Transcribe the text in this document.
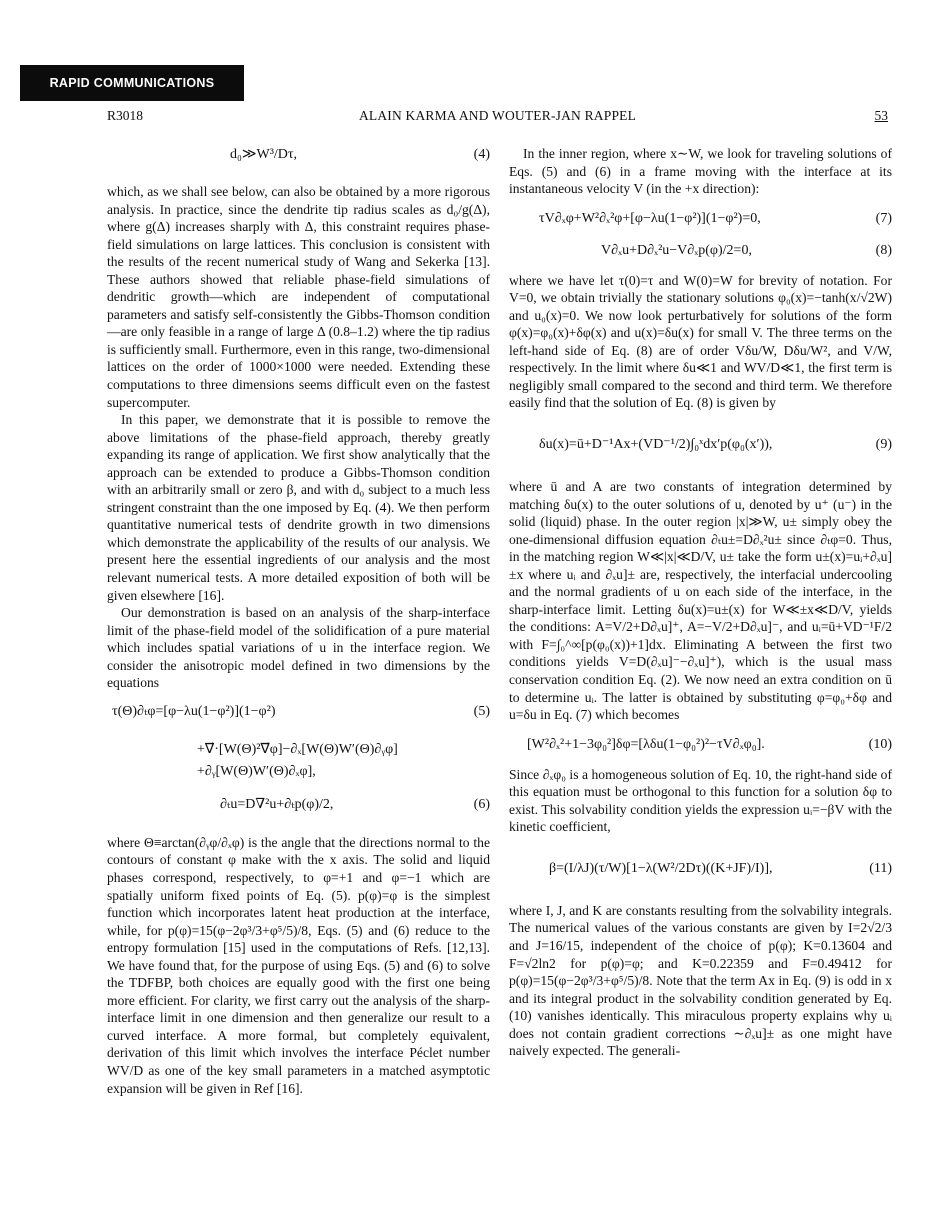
RAPID COMMUNICATIONS
R3018	ALAIN KARMA AND WOUTER-JAN RAPPEL	53
d₀≫W³/Dτ,	(4)

which, as we shall see below, can also be obtained by a more rigorous analysis. In practice, since the dendrite tip radius scales as d₀/g(Δ), where g(Δ) increases sharply with Δ, this constraint requires phase-field simulations on large lattices. This conclusion is consistent with the results of the recent numerical study of Wang and Sekerka [13]. These authors showed that reliable phase-field simulations of dendritic growth—which are independent of computational parameters and satisfy self-consistently the Gibbs-Thomson condition—are only feasible in a range of large Δ (0.8–1.2) where the tip radius is sufficiently small. Furthermore, even in this range, two-dimensional lattices on the order of 1000×1000 were needed. Extending these computations to three dimensions seems difficult even on the fastest supercomputer.

In this paper, we demonstrate that it is possible to remove the above limitations of the phase-field approach, thereby greatly expanding its range of application. We first show analytically that the approach can be extended to produce a Gibbs-Thomson condition with an arbitrarily small or zero β, and with d₀ subject to a much less stringent constraint than the one imposed by Eq. (4). We then perform quantitative numerical tests of dendrite growth in two dimensions which demonstrate the applicability of the results of our analysis. We present here the essential ingredients of our analysis and the most relevant numerical tests. A more detailed exposition of both will be given elsewhere [16].

Our demonstration is based on an analysis of the sharp-interface limit of the phase-field model of the solidification of a pure material which includes spatial variations of u in the interface region. We consider the anisotropic model defined in two dimensions by the equations

τ(Θ)∂ₜφ=[φ−λu(1−φ²)](1−φ²)	(5)
+∇⃗·[W(Θ)²∇⃗φ]−∂ₓ[W(Θ)W′(Θ)∂ᵧφ]
+∂ᵧ[W(Θ)W′(Θ)∂ₓφ],
∂ₜu=D∇²u+∂ₜp(φ)/2,	(6)

where Θ≡arctan(∂ᵧφ/∂ₓφ) is the angle that the directions normal to the contours of constant φ make with the x axis. The solid and liquid phases correspond, respectively, to φ=+1 and φ=−1 which are spatially uniform fixed points of Eq. (5). p(φ)=φ is the simplest function which incorporates latent heat production at the interface, while, for p(φ)=15(φ−2φ³/3+φ⁵/5)/8, Eqs. (5) and (6) reduce to the entropy formulation [15] used in the computations of Refs. [12,13]. We have found that, for the purpose of using Eqs. (5) and (6) to solve the TDFBP, both choices are equally good with the first one being more efficient. For clarity, we first carry out the analysis of the sharp-interface limit in one dimension and then generalize our result to a curved interface. A more formal, but completely equivalent, derivation of this limit which involves the interface Péclet number WV/D as one of the key small parameters in a matched asymptotic expansion will be given in Ref [16].

In the inner region, where x∼W, we look for traveling solutions of Eqs. (5) and (6) in a frame moving with the interface at its instantaneous velocity V (in the +x direction):

τV∂ₓφ+W²∂ₓ²φ+[φ−λu(1−φ²)](1−φ²)=0,	(7)
V∂ₓu+D∂ₓ²u−V∂ₓp(φ)/2=0,	(8)

where we have let τ(0)=τ and W(0)=W for brevity of notation. For V=0, we obtain trivially the stationary solutions φ₀(x)=−tanh(x/√2W) and u₀(x)=0. We now look perturbatively for solutions of the form φ(x)=φ₀(x)+δφ(x) and u(x)=δu(x) for small V. The three terms on the left-hand side of Eq. (8) are of order Vδu/W, Dδu/W², and V/W, respectively. In the limit where δu≪1 and WV/D≪1, the first term is negligibly small compared to the second and third term. We therefore easily find that the solution of Eq. (8) is given by

δu(x)=ū+D⁻¹Ax+(VD⁻¹/2)∫₀ˣdx′p(φ₀(x′)),	(9)

where ū and A are two constants of integration determined by matching δu(x) to the outer solutions of u, denoted by u⁺ (u⁻) in the solid (liquid) phase. In the outer region |x|≫W, u± simply obey the one-dimensional diffusion equation ∂ₜu±=D∂ₓ²u± since ∂ₜφ=0. Thus, in the matching region W≪|x|≪D/V, u± take the form u±(x)=uᵢ+∂ₓu]±x where uᵢ and ∂ₓu]± are, respectively, the interfacial undercooling and the normal gradients of u on each side of the interface, in the sharp-interface limit. Letting δu(x)=u±(x) for W≪±x≪D/V, yields the conditions: A=V/2+D∂ₓu]⁺, A=−V/2+D∂ₓu]⁻, and uᵢ=ū+VD⁻¹F/2 with F=∫₀^∞[p(φ₀(x))+1]dx. Eliminating A between the first two conditions yields V=D(∂ₓu]⁻−∂ₓu]⁺), which is the usual mass conservation condition Eq. (2). We now need an extra condition on ū to determine uᵢ. The latter is obtained by substituting φ=φ₀+δφ and u=δu in Eq. (7) which becomes

[W²∂ₓ²+1−3φ₀²]δφ=[λδu(1−φ₀²)²−τV∂ₓφ₀].	(10)

Since ∂ₓφ₀ is a homogeneous solution of Eq. 10, the right-hand side of this equation must be orthogonal to this function for a solution δφ to exist. This solvability condition yields the expression uᵢ=−βV with the kinetic coefficient,

β=(I/λJ)(τ/W)[1−λ(W²/2Dτ)((K+JF)/I)],	(11)

where I, J, and K are constants resulting from the solvability integrals. The numerical values of the various constants are given by I=2√2/3 and J=16/15, independent of the choice of p(φ); K=0.13604 and F=√2ln2 for p(φ)=φ; and K=0.22359 and F=0.49412 for p(φ)=15(φ−2φ³/3+φ⁵/5)/8. Note that the term Ax in Eq. (9) is odd in x and its integral product in the solvability condition generated by Eq. (10) vanishes identically. This miraculous property explains why uᵢ does not contain gradient corrections ∼∂ₓu]± as one might have naively expected. The generali-
